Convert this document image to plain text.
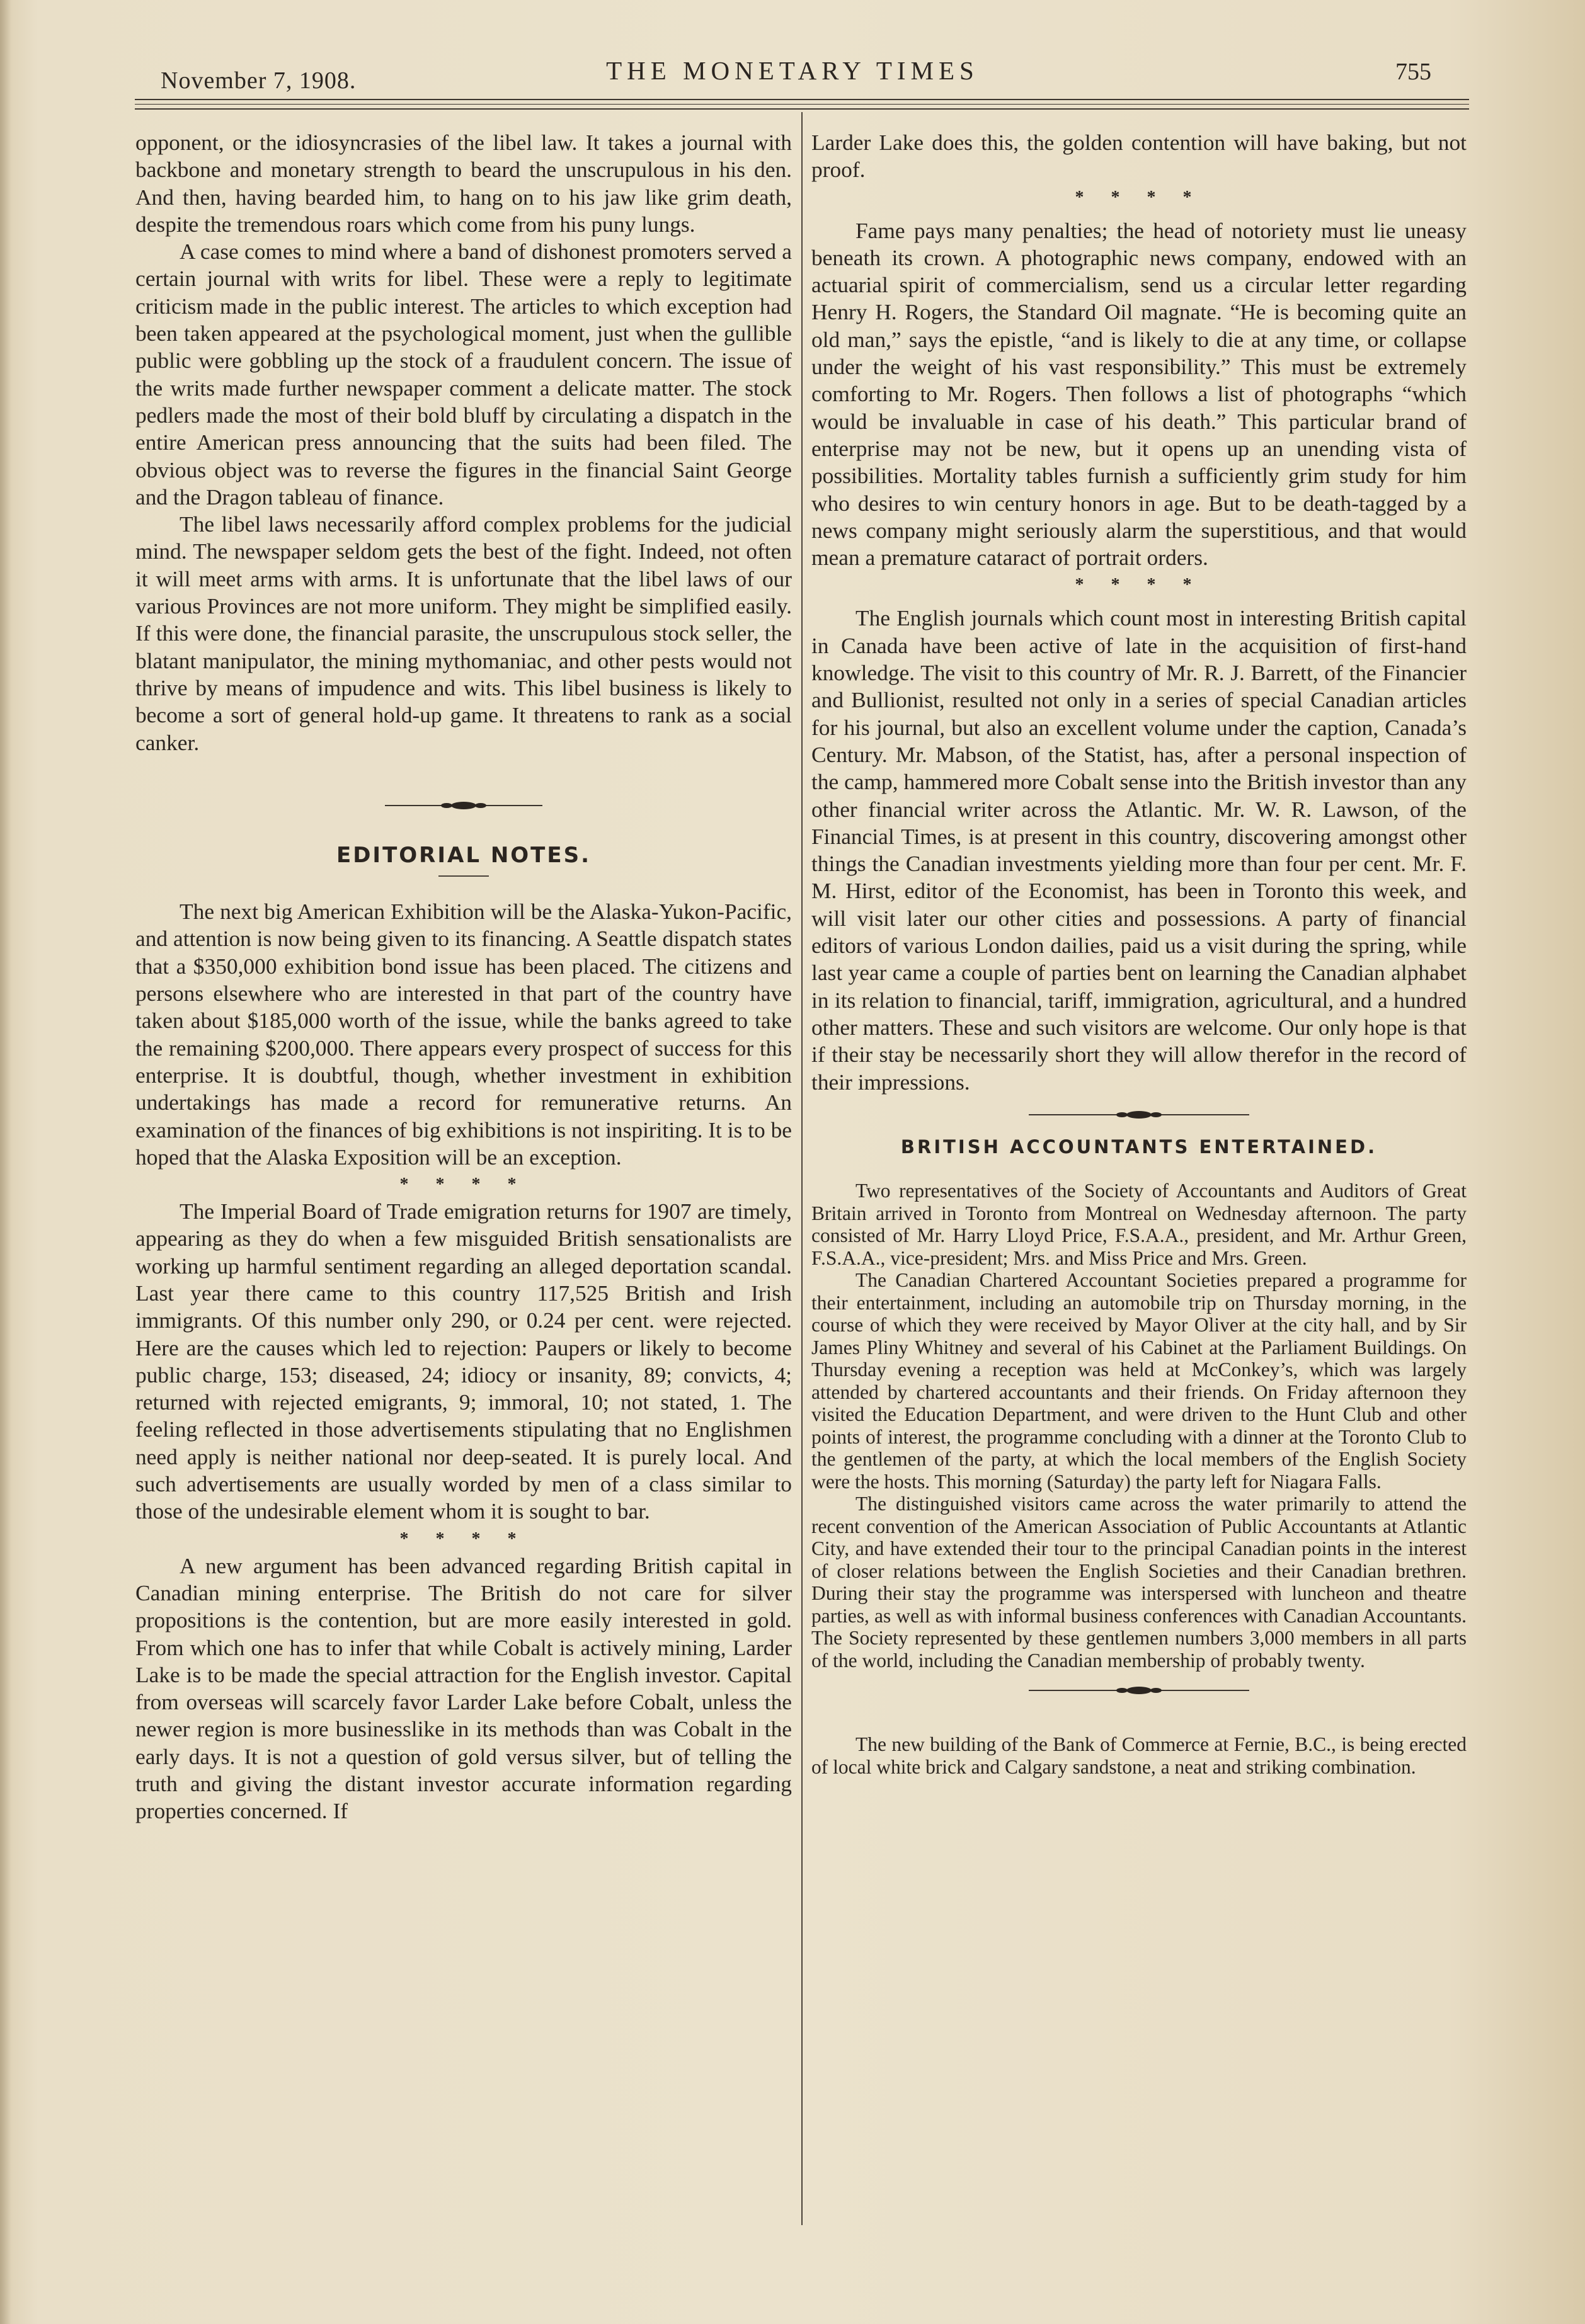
November 7, 1908.	THE MONETARY TIMES	755

opponent, or the idiosyncrasies of the libel law. It takes a journal with backbone and monetary strength to beard the unscrupulous in his den. And then, having bearded him, to hang on to his jaw like grim death, despite the tremendous roars which come from his puny lungs.

A case comes to mind where a band of dishonest promoters served a certain journal with writs for libel. These were a reply to legitimate criticism made in the public interest. The articles to which exception had been taken appeared at the psychological moment, just when the gullible public were gobbling up the stock of a fraudulent concern. The issue of the writs made further newspaper comment a delicate matter. The stock pedlers made the most of their bold bluff by circulating a dispatch in the entire American press announcing that the suits had been filed. The obvious object was to reverse the figures in the financial Saint George and the Dragon tableau of finance.

The libel laws necessarily afford complex problems for the judicial mind. The newspaper seldom gets the best of the fight. Indeed, not often it will meet arms with arms. It is unfortunate that the libel laws of our various Provinces are not more uniform. They might be simplified easily. If this were done, the financial parasite, the unscrupulous stock seller, the blatant manipulator, the mining mythomaniac, and other pests would not thrive by means of impudence and wits. This libel business is likely to become a sort of general hold-up game. It threatens to rank as a social canker.

EDITORIAL NOTES.

The next big American Exhibition will be the Alaska-Yukon-Pacific, and attention is now being given to its financing. A Seattle dispatch states that a $350,000 exhibition bond issue has been placed. The citizens and persons elsewhere who are interested in that part of the country have taken about $185,000 worth of the issue, while the banks agreed to take the remaining $200,000. There appears every prospect of success for this enterprise. It is doubtful, though, whether investment in exhibition undertakings has made a record for remunerative returns. An examination of the finances of big exhibitions is not inspiriting. It is to be hoped that the Alaska Exposition will be an exception.

* * * *

The Imperial Board of Trade emigration returns for 1907 are timely, appearing as they do when a few misguided British sensationalists are working up harmful sentiment regarding an alleged deportation scandal. Last year there came to this country 117,525 British and Irish immigrants. Of this number only 290, or 0.24 per cent. were rejected. Here are the causes which led to rejection: Paupers or likely to become public charge, 153; diseased, 24; idiocy or insanity, 89; convicts, 4; returned with rejected emigrants, 9; immoral, 10; not stated, 1. The feeling reflected in those advertisements stipulating that no Englishmen need apply is neither national nor deep-seated. It is purely local. And such advertisements are usually worded by men of a class similar to those of the undesirable element whom it is sought to bar.

* * * *

A new argument has been advanced regarding British capital in Canadian mining enterprise. The British do not care for silver propositions is the contention, but are more easily interested in gold. From which one has to infer that while Cobalt is actively mining, Larder Lake is to be made the special attraction for the English investor. Capital from overseas will scarcely favor Larder Lake before Cobalt, unless the newer region is more businesslike in its methods than was Cobalt in the early days. It is not a question of gold versus silver, but of telling the truth and giving the distant investor accurate information regarding properties concerned. If

Larder Lake does this, the golden contention will have baking, but not proof.

* * * *

Fame pays many penalties; the head of notoriety must lie uneasy beneath its crown. A photographic news company, endowed with an actuarial spirit of commercialism, send us a circular letter regarding Henry H. Rogers, the Standard Oil magnate. “He is becoming quite an old man,” says the epistle, “and is likely to die at any time, or collapse under the weight of his vast responsibility.” This must be extremely comforting to Mr. Rogers. Then follows a list of photographs “which would be invaluable in case of his death.” This particular brand of enterprise may not be new, but it opens up an unending vista of possibilities. Mortality tables furnish a sufficiently grim study for him who desires to win century honors in age. But to be death-tagged by a news company might seriously alarm the superstitious, and that would mean a premature cataract of portrait orders.

* * * *

The English journals which count most in interesting British capital in Canada have been active of late in the acquisition of first-hand knowledge. The visit to this country of Mr. R. J. Barrett, of the Financier and Bullionist, resulted not only in a series of special Canadian articles for his journal, but also an excellent volume under the caption, Canada’s Century. Mr. Mabson, of the Statist, has, after a personal inspection of the camp, hammered more Cobalt sense into the British investor than any other financial writer across the Atlantic. Mr. W. R. Lawson, of the Financial Times, is at present in this country, discovering amongst other things the Canadian investments yielding more than four per cent. Mr. F. M. Hirst, editor of the Economist, has been in Toronto this week, and will visit later our other cities and possessions. A party of financial editors of various London dailies, paid us a visit during the spring, while last year came a couple of parties bent on learning the Canadian alphabet in its relation to financial, tariff, immigration, agricultural, and a hundred other matters. These and such visitors are welcome. Our only hope is that if their stay be necessarily short they will allow therefor in the record of their impressions.

BRITISH ACCOUNTANTS ENTERTAINED.

Two representatives of the Society of Accountants and Auditors of Great Britain arrived in Toronto from Montreal on Wednesday afternoon. The party consisted of Mr. Harry Lloyd Price, F.S.A.A., president, and Mr. Arthur Green, F.S.A.A., vice-president; Mrs. and Miss Price and Mrs. Green.

The Canadian Chartered Accountant Societies prepared a programme for their entertainment, including an automobile trip on Thursday morning, in the course of which they were received by Mayor Oliver at the city hall, and by Sir James Pliny Whitney and several of his Cabinet at the Parliament Buildings. On Thursday evening a reception was held at McConkey’s, which was largely attended by chartered accountants and their friends. On Friday afternoon they visited the Education Department, and were driven to the Hunt Club and other points of interest, the programme concluding with a dinner at the Toronto Club to the gentlemen of the party, at which the local members of the English Society were the hosts. This morning (Saturday) the party left for Niagara Falls.

The distinguished visitors came across the water primarily to attend the recent convention of the American Association of Public Accountants at Atlantic City, and have extended their tour to the principal Canadian points in the interest of closer relations between the English Societies and their Canadian brethren. During their stay the programme was interspersed with luncheon and theatre parties, as well as with informal business conferences with Canadian Accountants. The Society represented by these gentlemen numbers 3,000 members in all parts of the world, including the Canadian membership of probably twenty.

The new building of the Bank of Commerce at Fernie, B.C., is being erected of local white brick and Calgary sandstone, a neat and striking combination.
